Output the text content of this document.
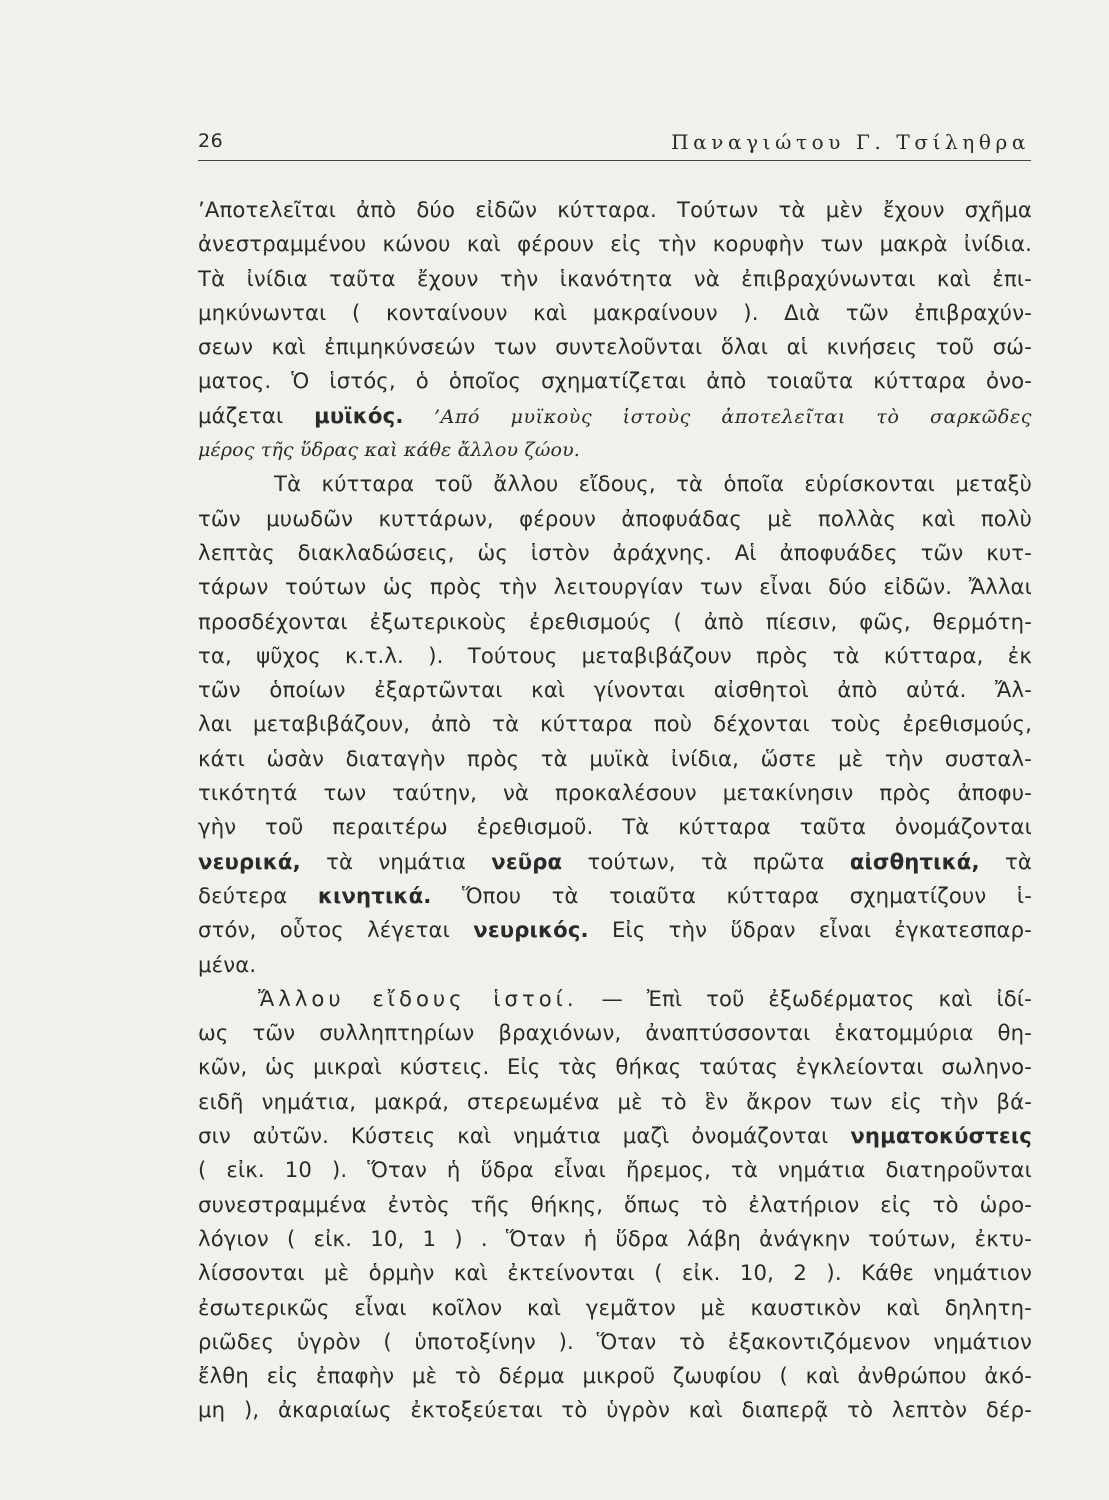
26	Παναγιώτου Γ. Τσίληθρα
’Αποτελεῖται ἀπὸ δύο εἰδῶν κύτταρα. Τούτων τὰ μὲν ἔχουν σχῆμα
ἀνεστραμμένου κώνου καὶ φέρουν εἰς τὴν κορυφὴν των μακρὰ ἰνίδια.
Τὰ ἰνίδια ταῦτα ἔχουν τὴν ἱκανότητα νὰ ἐπιβραχύνωνται καὶ ἐπι-
μηκύνωνται ( κονταίνουν καὶ μακραίνουν ). Διὰ τῶν ἐπιβραχύν-
σεων καὶ ἐπιμηκύνσεών των συντελοῦνται ὅλαι αἱ κινήσεις τοῦ σώ-
ματος. Ὁ ἱστός, ὁ ὁποῖος σχηματίζεται ἀπὸ τοιαῦτα κύτταρα ὀνο-
μάζεται μυϊκός. ’Από μυϊκοὺς ἱστοὺς ἀποτελεῖται τὸ σαρκῶδες
μέρος τῆς ὕδρας καὶ κάθε ἄλλου ζώου.
Τὰ κύτταρα τοῦ ἄλλου εἴδους, τὰ ὁποῖα εὑρίσκονται μεταξὺ
τῶν μυωδῶν κυττάρων, φέρουν ἀποφυάδας μὲ πολλὰς καὶ πολὺ
λεπτὰς διακλαδώσεις, ὡς ἱστὸν ἀράχνης. Αἱ ἀποφυάδες τῶν κυτ-
τάρων τούτων ὡς πρὸς τὴν λειτουργίαν των εἶναι δύο εἰδῶν. Ἄλλαι
προσδέχονται ἐξωτερικοὺς ἐρεθισμούς ( ἀπὸ πίεσιν, φῶς, θερμότη-
τα, ψῦχος κ.τ.λ. ). Τούτους μεταβιβάζουν πρὸς τὰ κύτταρα, ἐκ
τῶν ὁποίων ἐξαρτῶνται καὶ γίνονται αἰσθητοὶ ἀπὸ αὐτά. Ἄλ-
λαι μεταβιβάζουν, ἀπὸ τὰ κύτταρα ποὺ δέχονται τοὺς ἐρεθισμούς,
κάτι ὡσὰν διαταγὴν πρὸς τὰ μυϊκὰ ἰνίδια, ὥστε μὲ τὴν συσταλ-
τικότητά των ταύτην, νὰ προκαλέσουν μετακίνησιν πρὸς ἀποφυ-
γὴν τοῦ περαιτέρω ἐρεθισμοῦ. Τὰ κύτταρα ταῦτα ὀνομάζονται
νευρικά, τὰ νημάτια νεῦρα τούτων, τὰ πρῶτα αἰσθητικά, τὰ
δεύτερα κινητικά. Ὅπου τὰ τοιαῦτα κύτταρα σχηματίζουν ἱ-
στόν, οὗτος λέγεται νευρικός. Εἰς τὴν ὕδραν εἶναι ἐγκατεσπαρ-
μένα.
Ἄλλου εἴδους ἱστοί. — Ἐπὶ τοῦ ἐξωδέρματος καὶ ἰδί-
ως τῶν συλληπτηρίων βραχιόνων, ἀναπτύσσονται ἑκατομμύρια θη-
κῶν, ὡς μικραὶ κύστεις. Εἰς τὰς θήκας ταύτας ἐγκλείονται σωληνο-
ειδῆ νημάτια, μακρά, στερεωμένα μὲ τὸ ἓν ἄκρον των εἰς τὴν βά-
σιν αὐτῶν. Κύστεις καὶ νημάτια μαζὶ ὀνομάζονται νηματοκύστεις
( εἰκ. 10 ). Ὅταν ἡ ὕδρα εἶναι ἤρεμος, τὰ νημάτια διατηροῦνται
συνεστραμμένα ἐντὸς τῆς θήκης, ὅπως τὸ ἐλατήριον εἰς τὸ ὡρο-
λόγιον ( εἰκ. 10, 1 ) . Ὅταν ἡ ὕδρα λάβη ἀνάγκην τούτων, ἐκτυ-
λίσσονται μὲ ὁρμὴν καὶ ἐκτείνονται ( εἰκ. 10, 2 ). Κάθε νημάτιον
ἐσωτερικῶς εἶναι κοῖλον καὶ γεμᾶτον μὲ καυστικὸν καὶ δηλητη-
ριῶδες ὑγρὸν ( ὑποτοξίνην ). Ὅταν τὸ ἐξακοντιζόμενον νημάτιον
ἔλθη εἰς ἐπαφὴν μὲ τὸ δέρμα μικροῦ ζωυφίου ( καὶ ἀνθρώπου ἀκό-
μη ), ἀκαριαίως ἐκτοξεύεται τὸ ὑγρὸν καὶ διαπερᾷ τὸ λεπτὸν δέρ-
